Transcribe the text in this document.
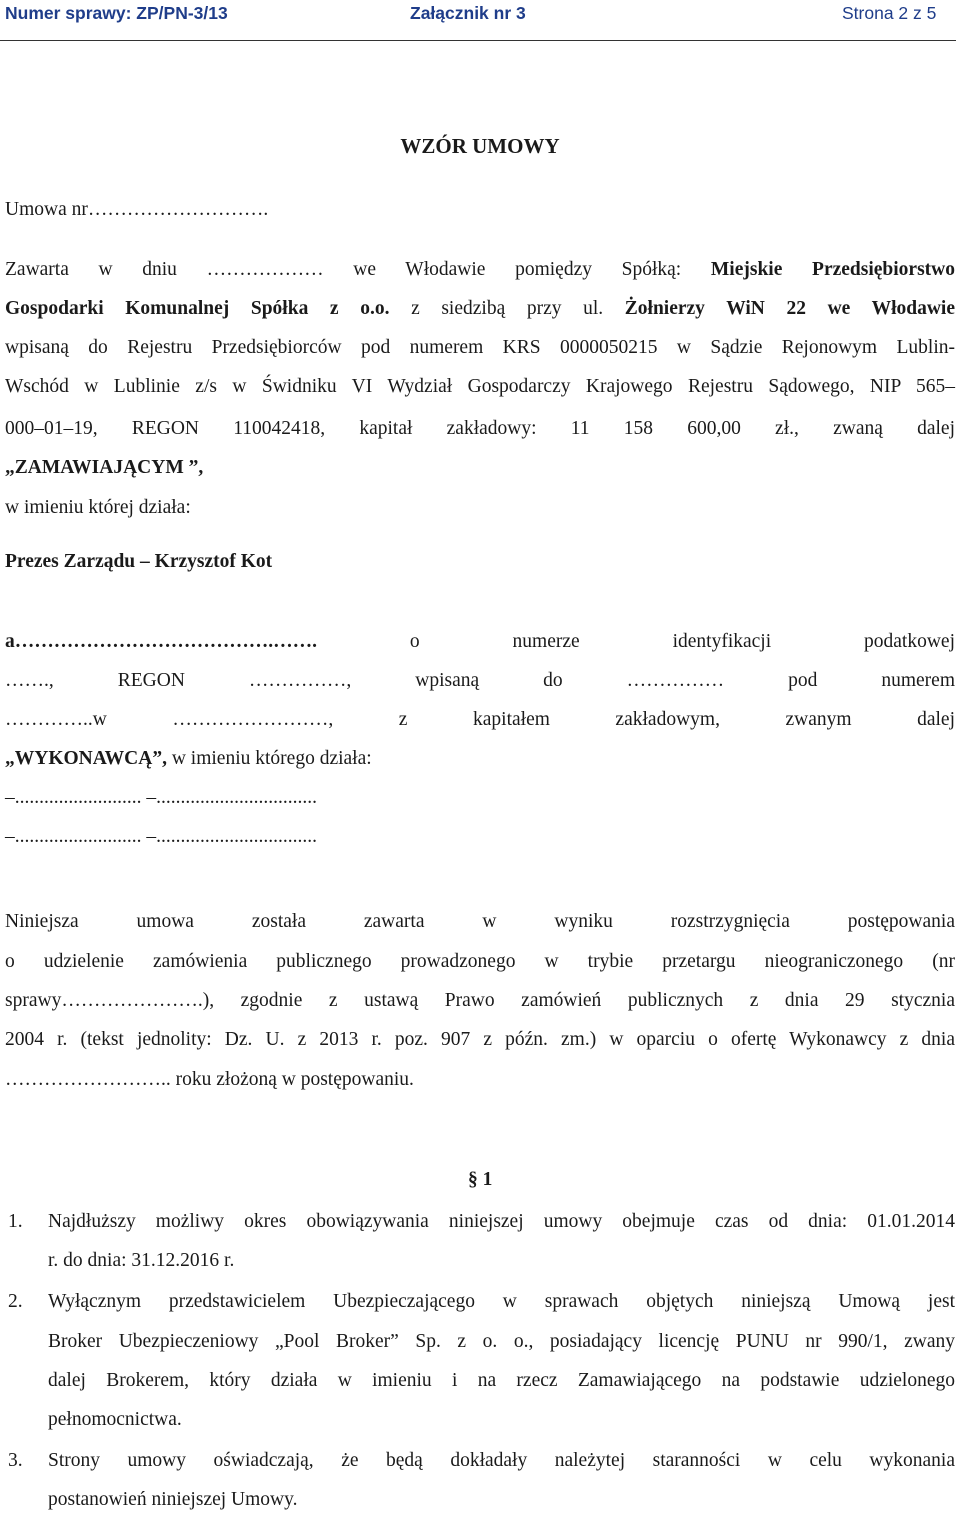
Numer sprawy: ZP/PN-3/13	Załącznik nr 3	Strona 2 z 5
WZÓR UMOWY
Umowa nr……………………….
Zawarta w dniu ……………… we Włodawie pomiędzy Spółką: Miejskie Przedsiębiorstwo
Gospodarki Komunalnej Spółka z o.o. z siedzibą przy ul. Żołnierzy WiN 22 we Włodawie
wpisaną do Rejestru Przedsiębiorców pod numerem KRS 0000050215 w Sądzie Rejonowym Lublin-
Wschód w Lublinie z/s w Świdniku VI Wydział Gospodarczy Krajowego Rejestru Sądowego, NIP 565–
000–01–19, REGON 110042418, kapitał zakładowy: 11 158 600,00 zł., zwaną dalej
„ZAMAWIAJĄCYM ”,
w imieniu której działa:
Prezes Zarządu – Krzysztof Kot
a………………………………….……. o numerze identyfikacji podatkowej
……., REGON ……………, wpisaną do …………… pod numerem
…………..w ……………………, z kapitałem zakładowym, zwanym dalej
„WYKONAWCĄ”, w imieniu którego działa:
–.......................... –.................................
–.......................... –.................................
Niniejsza umowa została zawarta w wyniku rozstrzygnięcia postępowania
o udzielenie zamówienia publicznego prowadzonego w trybie przetargu nieograniczonego (nr
sprawy………………….), zgodnie z ustawą Prawo zamówień publicznych z dnia 29 stycznia
2004 r. (tekst jednolity: Dz. U. z 2013 r. poz. 907 z późn. zm.) w oparciu o ofertę Wykonawcy z dnia
…………………….. roku złożoną w postępowaniu.
§ 1
1. Najdłuższy możliwy okres obowiązywania niniejszej umowy obejmuje czas od dnia: 01.01.2014
r. do dnia: 31.12.2016 r.
2. Wyłącznym przedstawicielem Ubezpieczającego w sprawach objętych niniejszą Umową jest
Broker Ubezpieczeniowy „Pool Broker” Sp. z o. o., posiadający licencję PUNU nr 990/1, zwany
dalej Brokerem, który działa w imieniu i na rzecz Zamawiającego na podstawie udzielonego
pełnomocnictwa.
3. Strony umowy oświadczają, że będą dokładały należytej staranności w celu wykonania
postanowień niniejszej Umowy.
